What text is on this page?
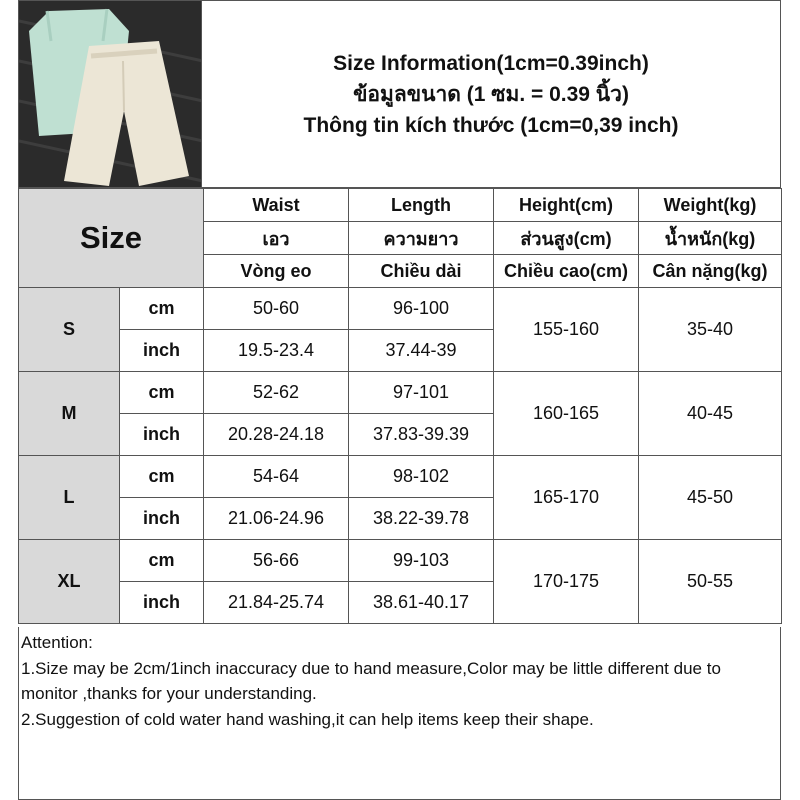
Size Information(1cm=0.39inch)
ข้อมูลขนาด (1 ซม. = 0.39 นิ้ว)
Thông tin kích thước (1cm=0,39 inch)
Size		Waist	Length	Height(cm)	Weight(kg)
		เอว	ความยาว	ส่วนสูง(cm)	น้ำหนัก(kg)
		Vòng eo	Chiều dài	Chiều cao(cm)	Cân nặng(kg)
S	cm	50-60	96-100	155-160	35-40
	inch	19.5-23.4	37.44-39		
M	cm	52-62	97-101	160-165	40-45
	inch	20.28-24.18	37.83-39.39		
L	cm	54-64	98-102	165-170	45-50
	inch	21.06-24.96	38.22-39.78		
XL	cm	56-66	99-103	170-175	50-55
	inch	21.84-25.74	38.61-40.17		
Attention:
1.Size may be 2cm/1inch inaccuracy due to hand measure,Color may be little different due to monitor ,thanks for your understanding.
2.Suggestion of cold water hand washing,it can help items keep their shape.
